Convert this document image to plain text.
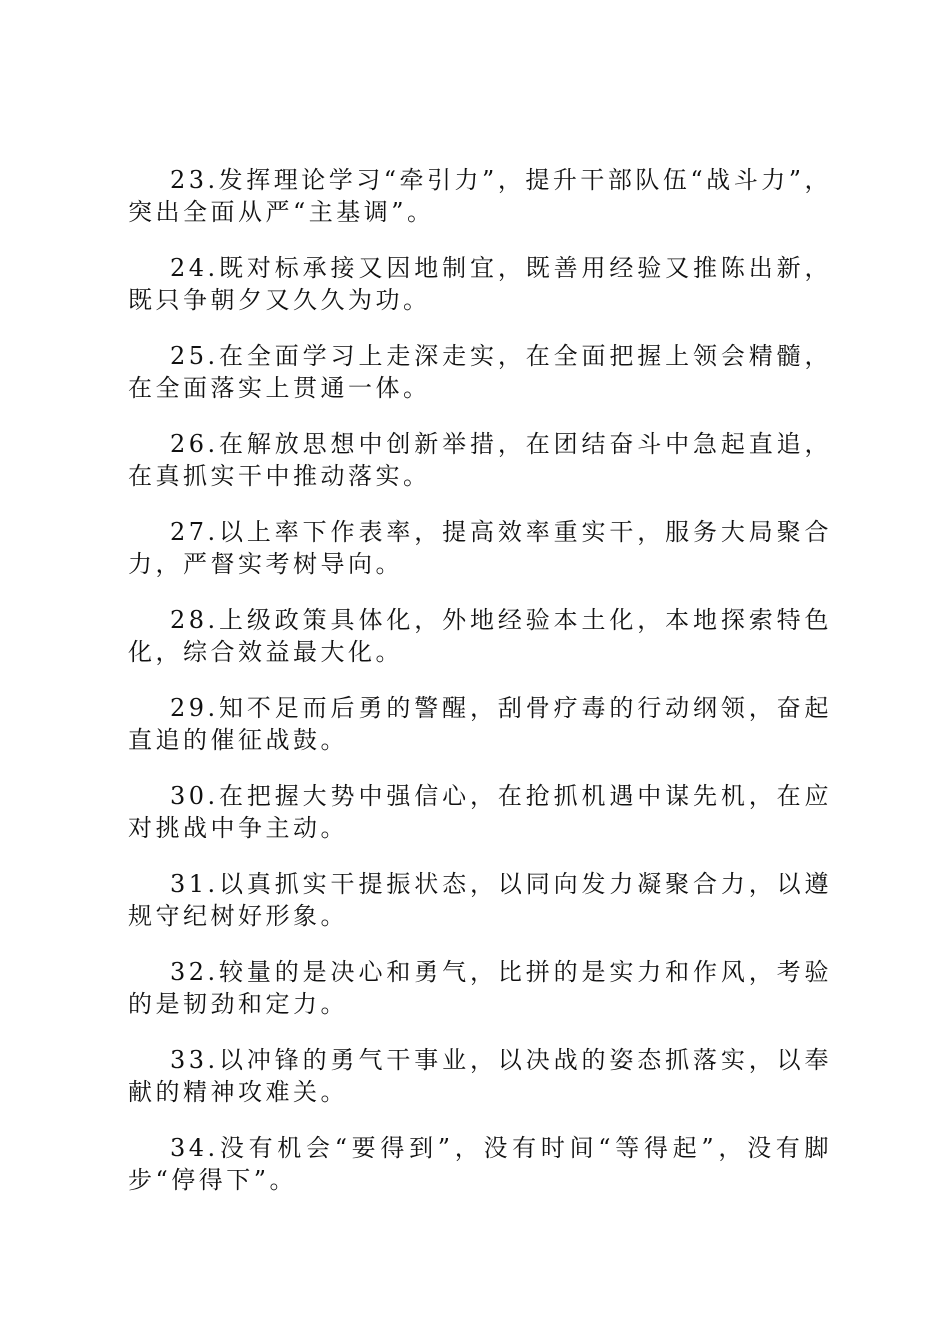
23.发挥理论学习“牵引力”，提升干部队伍“战斗力”，突出全面从严“主基调”。

24.既对标承接又因地制宜，既善用经验又推陈出新，既只争朝夕又久久为功。

25.在全面学习上走深走实，在全面把握上领会精髓，在全面落实上贯通一体。

26.在解放思想中创新举措，在团结奋斗中急起直追，在真抓实干中推动落实。

27.以上率下作表率，提高效率重实干，服务大局聚合力，严督实考树导向。

28.上级政策具体化，外地经验本土化，本地探索特色化，综合效益最大化。

29.知不足而后勇的警醒，刮骨疗毒的行动纲领，奋起直追的催征战鼓。

30.在把握大势中强信心，在抢抓机遇中谋先机，在应对挑战中争主动。

31.以真抓实干提振状态，以同向发力凝聚合力，以遵规守纪树好形象。

32.较量的是决心和勇气，比拼的是实力和作风，考验的是韧劲和定力。

33.以冲锋的勇气干事业，以决战的姿态抓落实，以奉献的精神攻难关。

34.没有机会“要得到”，没有时间“等得起”，没有脚步“停得下”。
